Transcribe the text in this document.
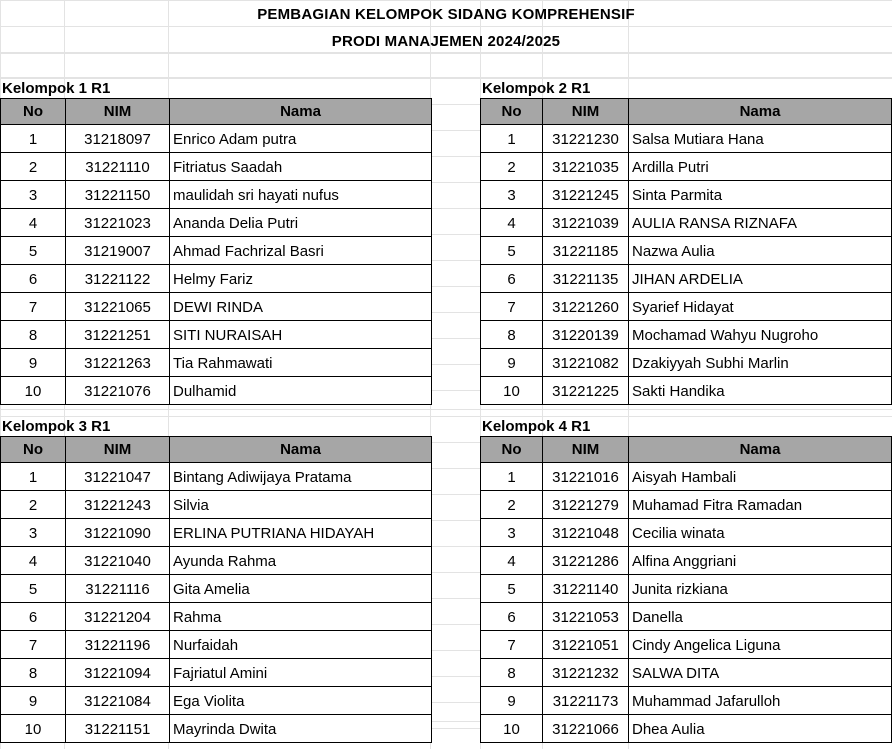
PEMBAGIAN KELOMPOK SIDANG KOMPREHENSIF
PRODI MANAJEMEN 2024/2025
Kelompok 1 R1
No	NIM	Nama
1	31218097	Enrico Adam putra
2	31221110	Fitriatus Saadah
3	31221150	maulidah sri hayati nufus
4	31221023	Ananda Delia Putri
5	31219007	Ahmad Fachrizal Basri
6	31221122	Helmy Fariz
7	31221065	DEWI RINDA
8	31221251	SITI NURAISAH
9	31221263	Tia Rahmawati
10	31221076	Dulhamid
Kelompok 2 R1
No	NIM	Nama
1	31221230	Salsa Mutiara Hana
2	31221035	Ardilla Putri
3	31221245	Sinta Parmita
4	31221039	AULIA RANSA RIZNAFA
5	31221185	Nazwa Aulia
6	31221135	JIHAN ARDELIA
7	31221260	Syarief Hidayat
8	31220139	Mochamad Wahyu Nugroho
9	31221082	Dzakiyyah Subhi Marlin
10	31221225	Sakti Handika
Kelompok 3 R1
No	NIM	Nama
1	31221047	Bintang Adiwijaya Pratama
2	31221243	Silvia
3	31221090	ERLINA PUTRIANA HIDAYAH
4	31221040	Ayunda Rahma
5	31221116	Gita Amelia
6	31221204	Rahma
7	31221196	Nurfaidah
8	31221094	Fajriatul Amini
9	31221084	Ega Violita
10	31221151	Mayrinda Dwita
Kelompok 4 R1
No	NIM	Nama
1	31221016	Aisyah Hambali
2	31221279	Muhamad Fitra Ramadan
3	31221048	Cecilia winata
4	31221286	Alfina Anggriani
5	31221140	Junita rizkiana
6	31221053	Danella
7	31221051	Cindy Angelica Liguna
8	31221232	SALWA DITA
9	31221173	Muhammad Jafarulloh
10	31221066	Dhea Aulia
